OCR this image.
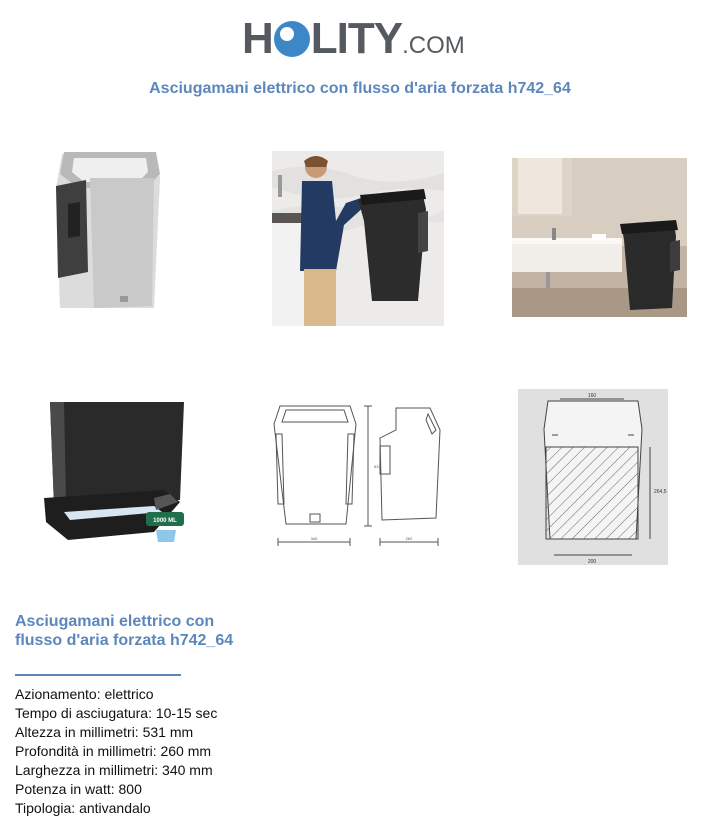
H LITY.COM
Asciugamani elettrico con flusso d'aria forzata h742_64
1000 ML
340	262
531
160
200
264,5
Asciugamani elettrico con flusso d'aria forzata h742_64
Azionamento: elettrico
Tempo di asciugatura: 10-15 sec
Altezza in millimetri: 531 mm
Profondità in millimetri: 260 mm
Larghezza in millimetri: 340 mm
Potenza in watt: 800
Tipologia: antivandalo
